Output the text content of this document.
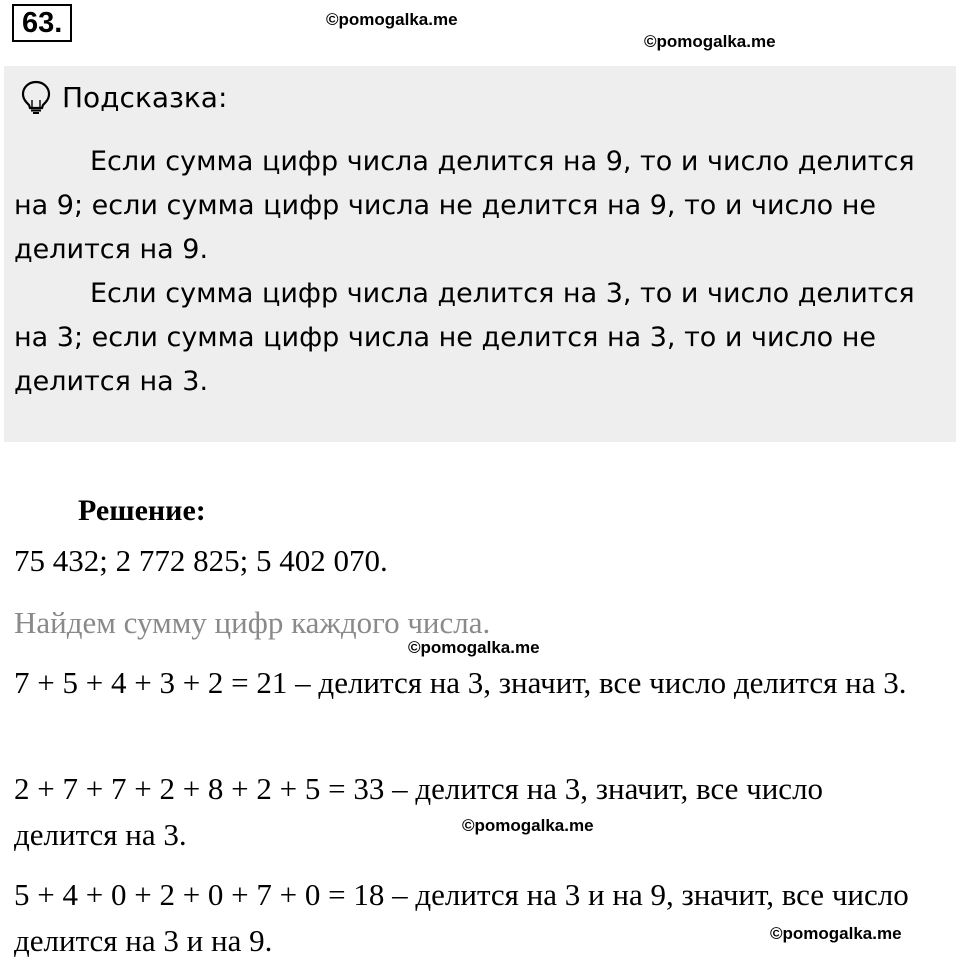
63.	©pomogalka.me
©pomogalka.me
Подсказка:

Если сумма цифр числа делится на 9, то и число делится на 9; если сумма цифр числа не делится на 9, то и число не делится на 9.

Если сумма цифр числа делится на 3, то и число делится на 3; если сумма цифр числа не делится на 3, то и число не делится на 3.

Решение:

75 432; 2 772 825; 5 402 070.

Найдем сумму цифр каждого числа.

©pomogalka.me

7 + 5 + 4 + 3 + 2 = 21 – делится на 3, значит, все число делится на 3.

2 + 7 + 7 + 2 + 8 + 2 + 5 = 33 – делится на 3, значит, все число делится на 3.	©pomogalka.me

5 + 4 + 0 + 2 + 0 + 7 + 0 = 18 – делится на 3 и на 9, значит, все число делится на 3 и на 9.	©pomogalka.me
